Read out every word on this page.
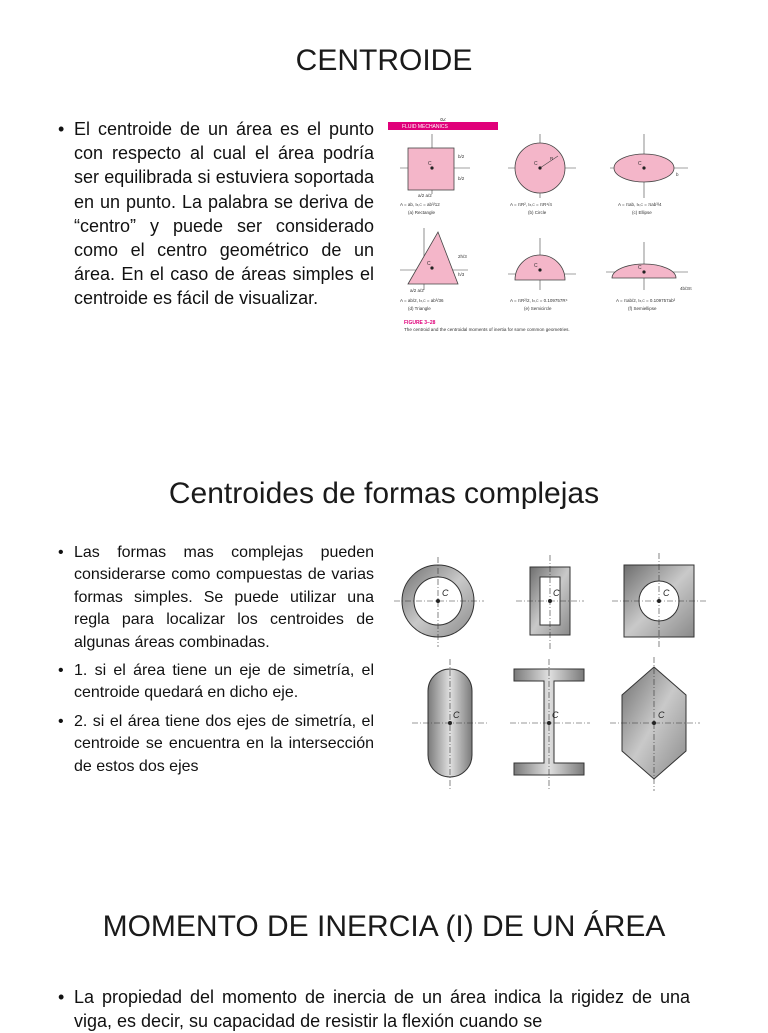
CENTROIDE
• El centroide de un área es el punto con respecto al cual el área podría ser equilibrada si estuviera soportada en un punto. La palabra se deriva de “centro” y puede ser considerado como el centro geométrico de un área. En el caso de áreas simples el centroide es fácil de visualizar.
82
FLUID MECHANICS
C
b/2
b/2
a/2 a/2
C
R
C
b
A = ab, Ix,C = ab³/12	A = πR², Ix,C = πR⁴/4	A = πab, Ix,C = πab³/4
(a) Rectangle	(b) Circle	(c) Ellipse
C
2h/3
h/3
a/2 a/2
C	C
4b/3π
A = ab/2, Ix,C = ab³/36	A = πR²/2, Ix,C = 0.109757R⁴	A = πab/2, Ix,C = 0.109757ab³
(d) Triangle	(e) Semicircle	(f) Semiellipse
FIGURE 3–28
The centroid and the centroidal moments of inertia for some common geometries.
Centroides de formas complejas
• Las formas mas complejas pueden considerarse como compuestas de varias formas simples. Se puede utilizar una regla para localizar los centroides de algunas áreas combinadas.
• 1. si el área tiene un eje de simetría, el centroide quedará en dicho eje.
• 2. si el área tiene dos ejes de simetría, el centroide se encuentra en la intersección de estos dos ejes
C	C	C
C	C	C
MOMENTO DE INERCIA (I) DE UN ÁREA
• La propiedad del momento de inercia de un área indica la rigidez de una viga, es decir, su capacidad de resistir la flexión cuando se
